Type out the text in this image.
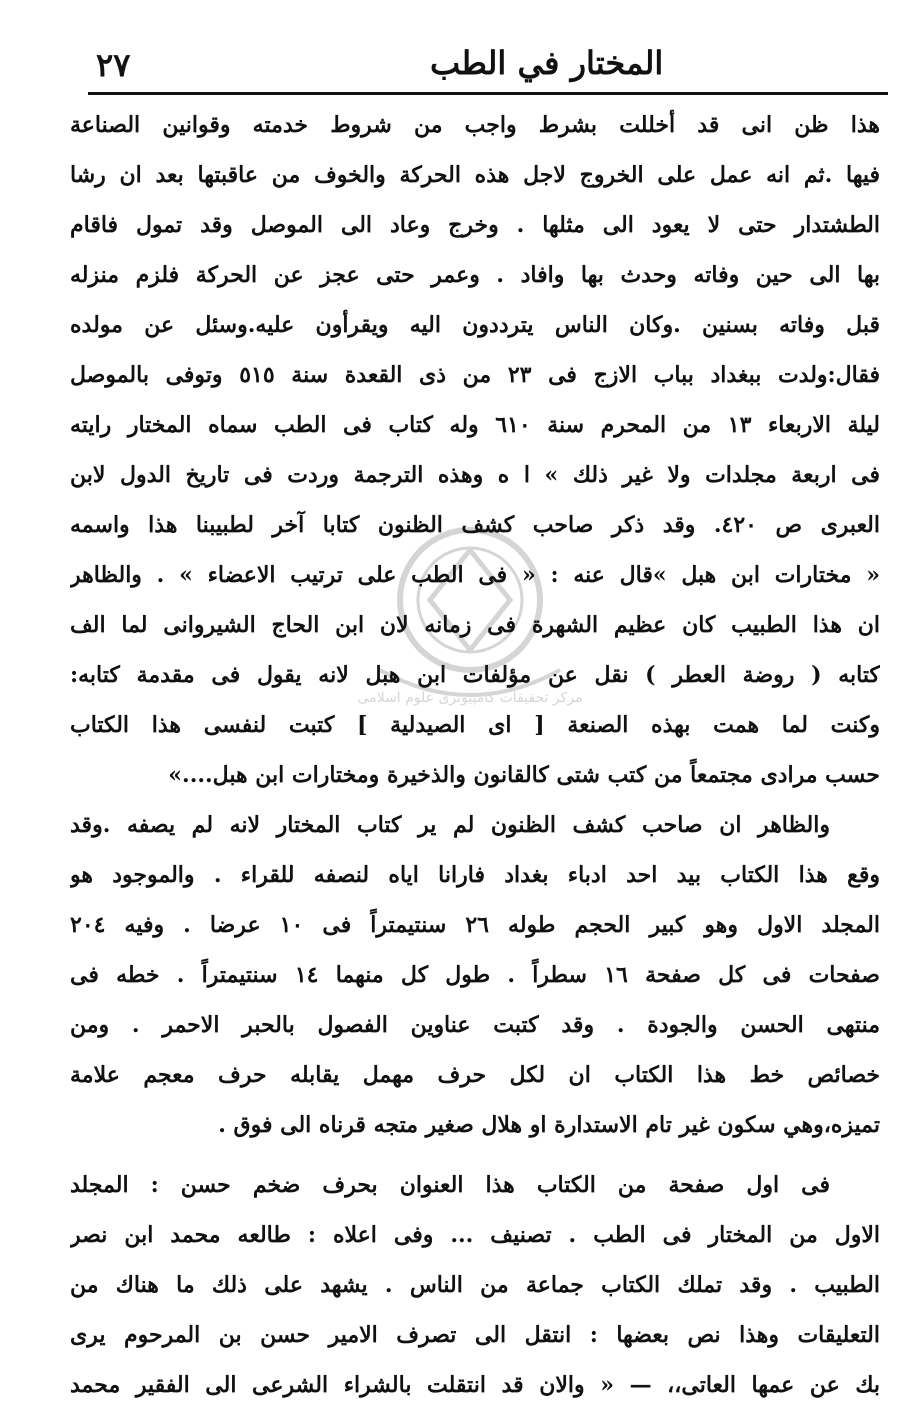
٢٧	المختار في الطب
مركز تحقيقات كامپيوترى علوم اسلامى
هذا ظن انى قد أخللت بشرط واجب من شروط خدمته وقوانين الصناعة
فيها .ثم انه عمل على الخروج لاجل هذه الحركة والخوف من عاقبتها بعد ان رشا
الطشتدار حتى لا يعود الى مثلها . وخرج وعاد الى الموصل وقد تمول فاقام
بها الى حين وفاته وحدث بها وافاد . وعمر حتى عجز عن الحركة فلزم منزله
قبل وفاته بسنين .وكان الناس يترددون اليه ويقرأون عليه.وسئل عن مولده
فقال:ولدت ببغداد بباب الازج فى ٢٣ من ذى القعدة سنة ٥١٥ وتوفى بالموصل
ليلة الاربعاء ١٣ من المحرم سنة ٦١٠ وله كتاب فى الطب سماه المختار رايته
فى اربعة مجلدات ولا غير ذلك » ا ه وهذه الترجمة وردت فى تاريخ الدول لابن
العبرى ص ٤٢٠. وقد ذكر صاحب كشف الظنون كتابا آخر لطبيبنا هذا واسمه
« مختارات ابن هبل »قال عنه : « فى الطب على ترتيب الاعضاء » . والظاهر
ان هذا الطبيب كان عظيم الشهرة فى زمانه لان ابن الحاج الشيروانى لما الف
كتابه ( روضة العطر ) نقل عن مؤلفات ابن هبل لانه يقول فى مقدمة كتابه:
وكنت لما همت بهذه الصنعة [ اى الصيدلية ] كتبت لنفسى هذا الكتاب
حسب مرادى مجتمعاً من كتب شتى كالقانون والذخيرة ومختارات ابن هبل....»
والظاهر ان صاحب كشف الظنون لم ير كتاب المختار لانه لم يصفه .وقد
وقع هذا الكتاب بيد احد ادباء بغداد فارانا اياه لنصفه للقراء . والموجود هو
المجلد الاول وهو كبير الحجم طوله ٢٦ سنتيمتراً فى ١٠ عرضا . وفيه ٢٠٤
صفحات فى كل صفحة ١٦ سطراً . طول كل منهما ١٤ سنتيمتراً . خطه فى
منتهى الحسن والجودة . وقد كتبت عناوين الفصول بالحبر الاحمر . ومن
خصائص خط هذا الكتاب ان لكل حرف مهمل يقابله حرف معجم علامة
تميزه،وهي سكون غير تام الاستدارة او هلال صغير متجه قرناه الى فوق .
فى اول صفحة من الكتاب هذا العنوان بحرف ضخم حسن : المجلد
الاول من المختار فى الطب . تصنيف ... وفى اعلاه : طالعه محمد ابن نصر
الطبيب . وقد تملك الكتاب جماعة من الناس . يشهد على ذلك ما هناك من
التعليقات وهذا نص بعضها : انتقل الى تصرف الامير حسن بن المرحوم يرى
بك عن عمها العاتى،، — « والان قد انتقلت بالشراء الشرعى الى الفقير محمد
